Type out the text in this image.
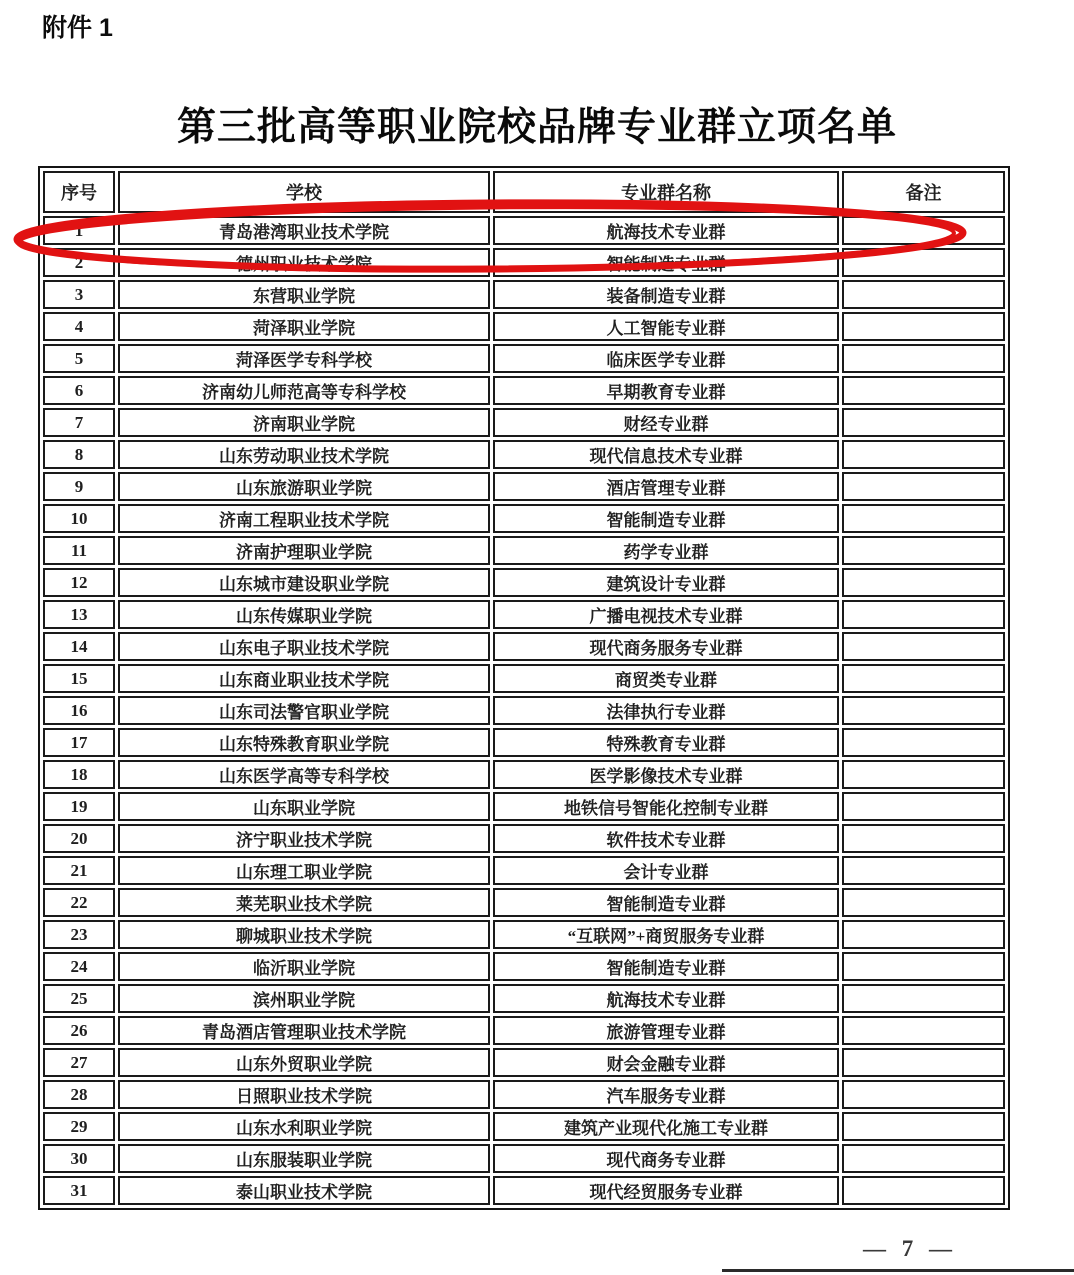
附件 1
第三批高等职业院校品牌专业群立项名单
序号	学校	专业群名称	备注
1	青岛港湾职业技术学院	航海技术专业群	
2	德州职业技术学院	智能制造专业群	
3	东营职业学院	装备制造专业群	
4	菏泽职业学院	人工智能专业群	
5	菏泽医学专科学校	临床医学专业群	
6	济南幼儿师范高等专科学校	早期教育专业群	
7	济南职业学院	财经专业群	
8	山东劳动职业技术学院	现代信息技术专业群	
9	山东旅游职业学院	酒店管理专业群	
10	济南工程职业技术学院	智能制造专业群	
11	济南护理职业学院	药学专业群	
12	山东城市建设职业学院	建筑设计专业群	
13	山东传媒职业学院	广播电视技术专业群	
14	山东电子职业技术学院	现代商务服务专业群	
15	山东商业职业技术学院	商贸类专业群	
16	山东司法警官职业学院	法律执行专业群	
17	山东特殊教育职业学院	特殊教育专业群	
18	山东医学高等专科学校	医学影像技术专业群	
19	山东职业学院	地铁信号智能化控制专业群	
20	济宁职业技术学院	软件技术专业群	
21	山东理工职业学院	会计专业群	
22	莱芜职业技术学院	智能制造专业群	
23	聊城职业技术学院	“互联网”+商贸服务专业群	
24	临沂职业学院	智能制造专业群	
25	滨州职业学院	航海技术专业群	
26	青岛酒店管理职业技术学院	旅游管理专业群	
27	山东外贸职业学院	财会金融专业群	
28	日照职业技术学院	汽车服务专业群	
29	山东水利职业学院	建筑产业现代化施工专业群	
30	山东服装职业学院	现代商务专业群	
31	泰山职业技术学院	现代经贸服务专业群	
— 7 —
